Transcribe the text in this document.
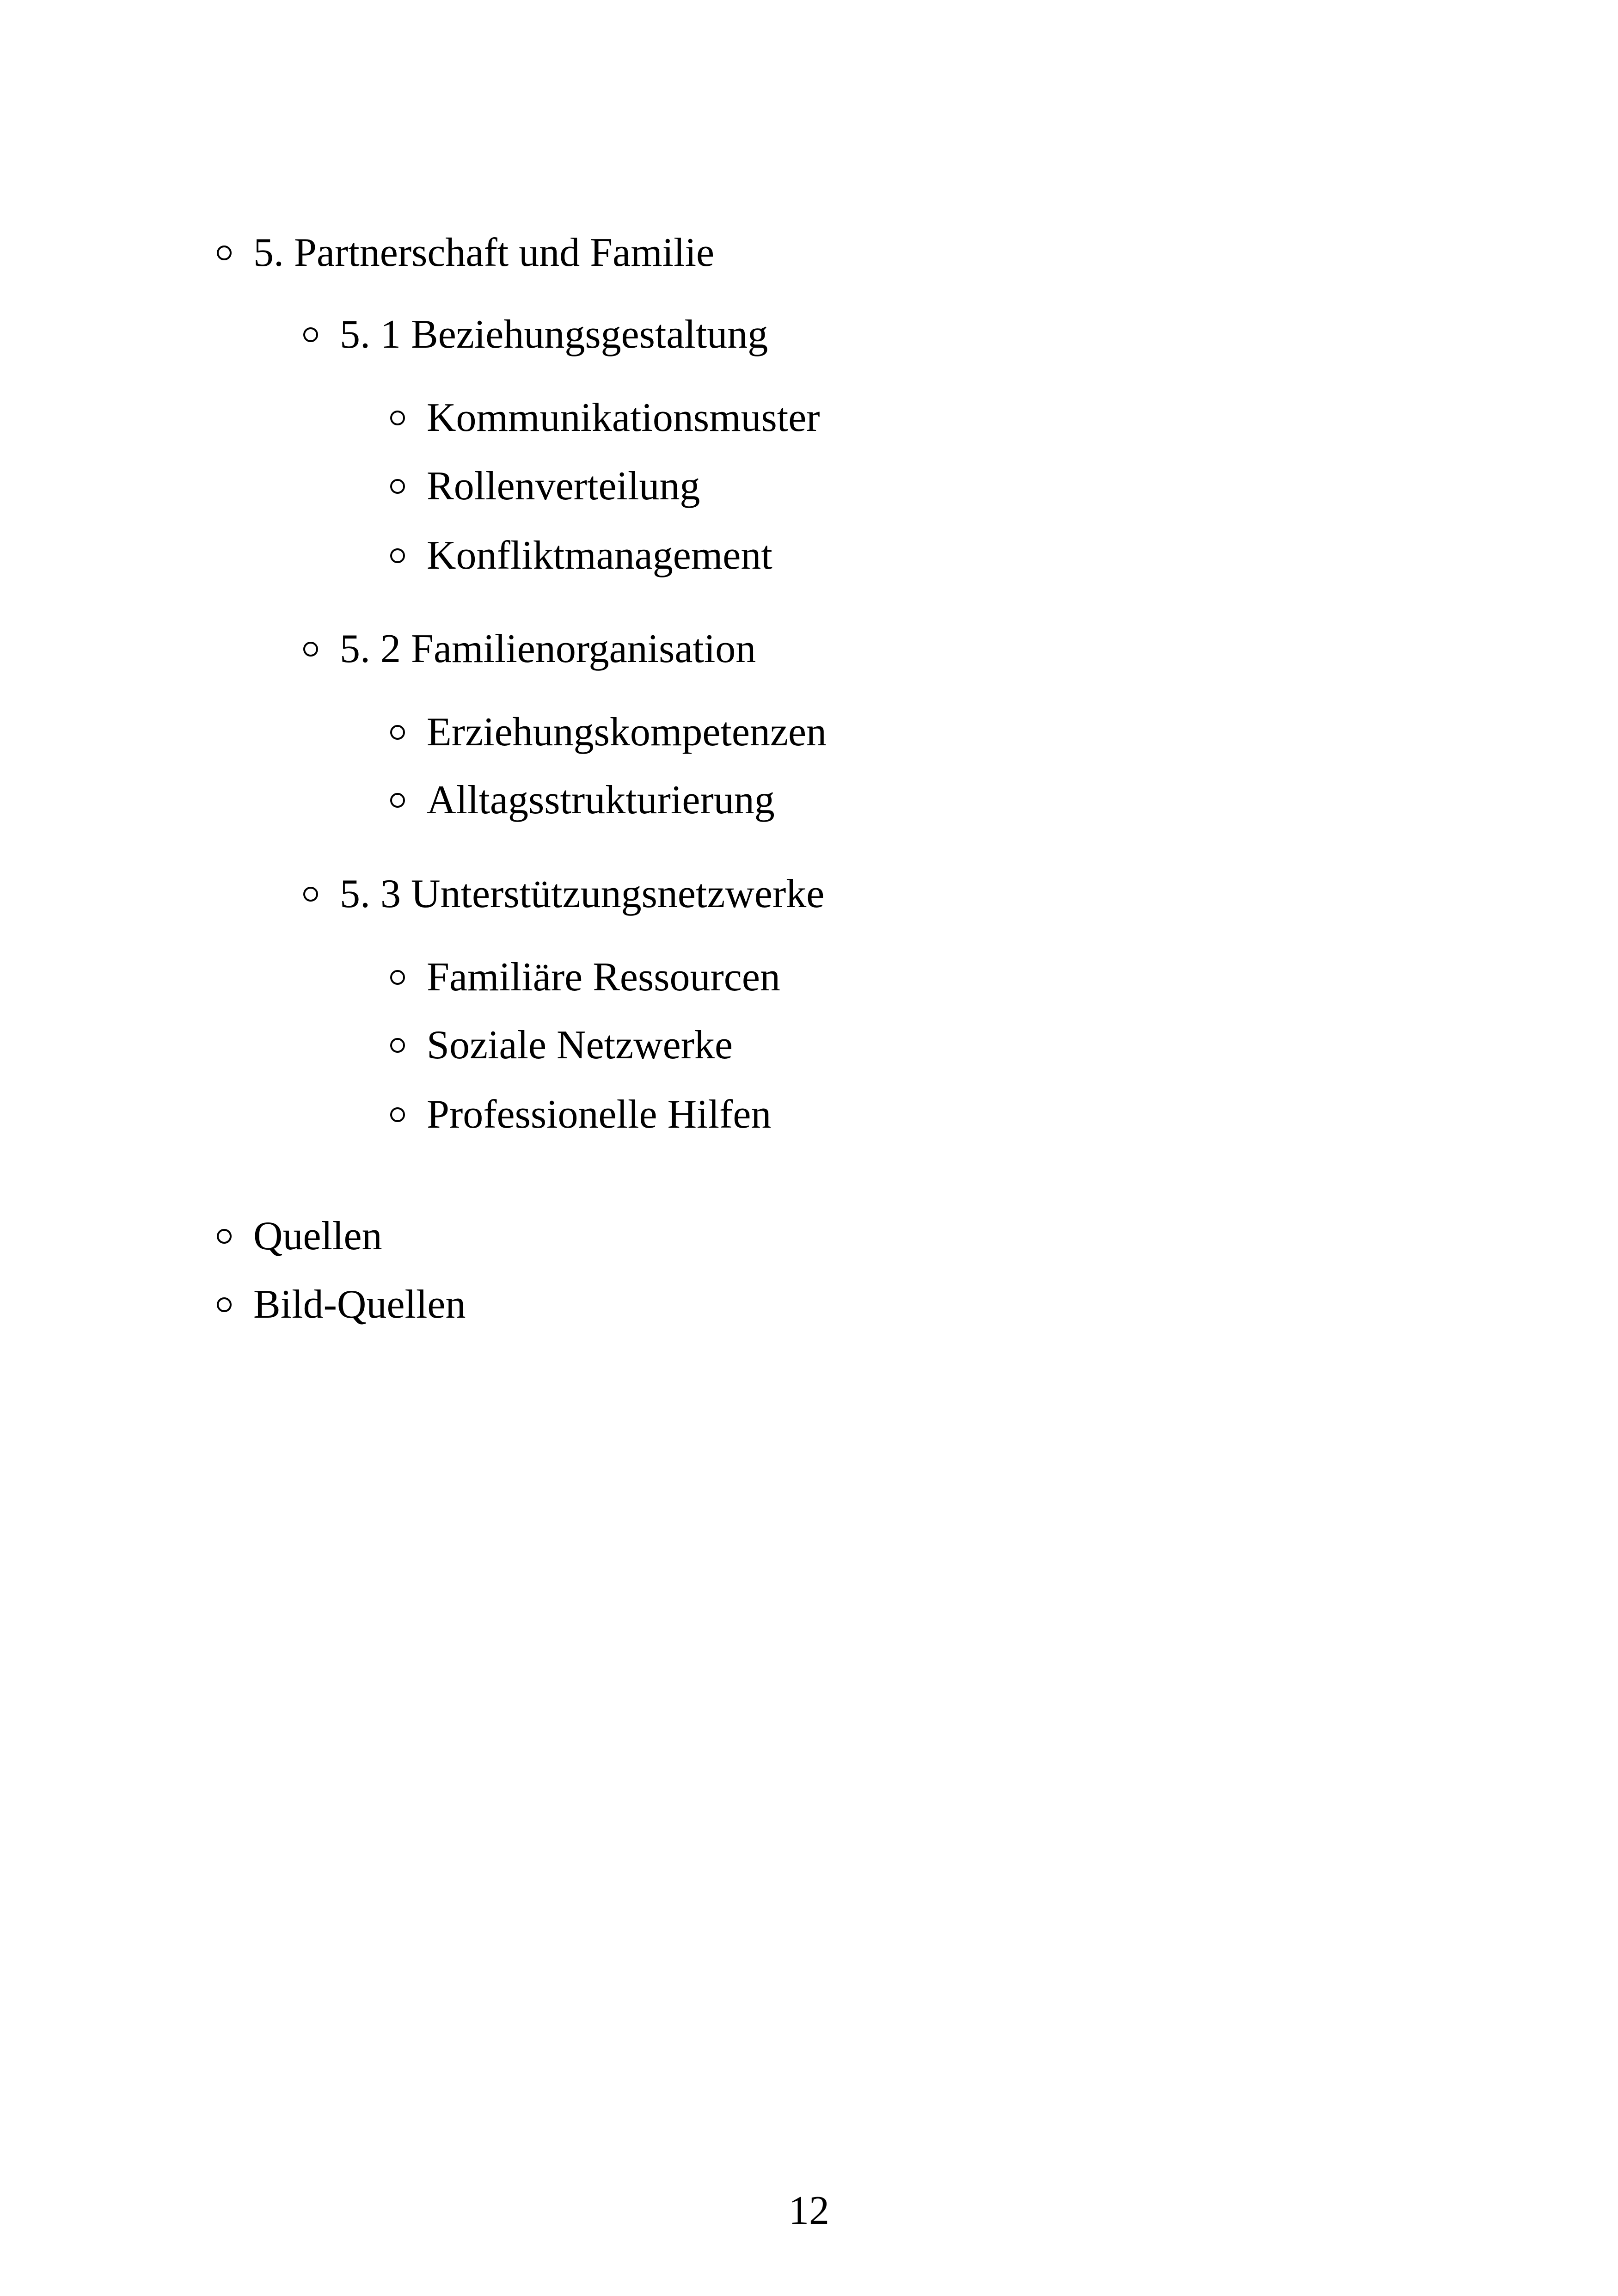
5. Partnerschaft und Familie
5. 1 Beziehungsgestaltung
Kommunikationsmuster
Rollenverteilung
Konfliktmanagement
5. 2 Familienorganisation
Erziehungskompetenzen
Alltagsstrukturierung
5. 3 Unterstützungsnetzwerke
Familiäre Ressourcen
Soziale Netzwerke
Professionelle Hilfen
Quellen
Bild-Quellen
12
